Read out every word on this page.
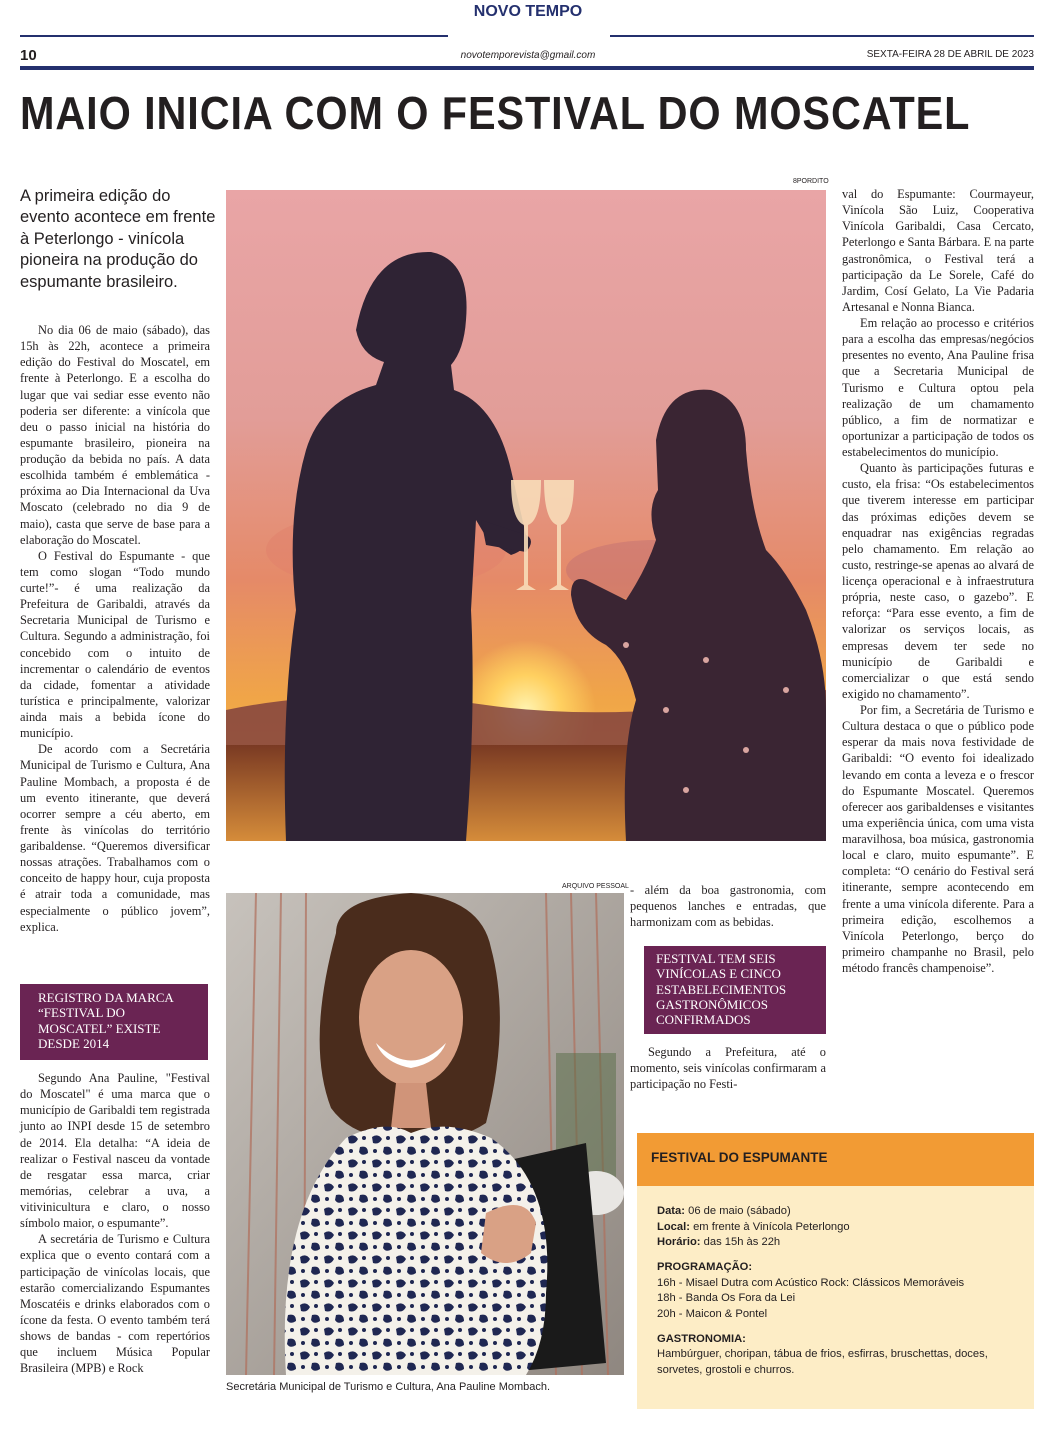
NOVO TEMPO
10	novotemporevista@gmail.com	SEXTA-FEIRA 28 DE ABRIL DE 2023
MAIO INICIA COM O FESTIVAL DO MOSCATEL
A primeira edição do evento acontece em frente à Peterlongo - vinícola pioneira na produção do espumante brasileiro.

No dia 06 de maio (sábado), das 15h às 22h, acontece a primeira edição do Festival do Moscatel, em frente à Peterlongo. E a escolha do lugar que vai sediar esse evento não poderia ser diferente: a vinícola que deu o passo inicial na história do espumante brasileiro, pioneira na produção da bebida no país. A data escolhida também é emblemática - próxima ao Dia Internacional da Uva Moscato (celebrado no dia 9 de maio), casta que serve de base para a elaboração do Moscatel.

O Festival do Espumante - que tem como slogan “Todo mundo curte!”- é uma realização da Prefeitura de Garibaldi, através da Secretaria Municipal de Turismo e Cultura. Segundo a administração, foi concebido com o intuito de incrementar o calendário de eventos da cidade, fomentar a atividade turística e principalmente, valorizar ainda mais a bebida ícone do município.

De acordo com a Secretária Municipal de Turismo e Cultura, Ana Pauline Mombach, a proposta é de um evento itinerante, que deverá ocorrer sempre a céu aberto, em frente às vinícolas do território garibaldense. “Queremos diversificar nossas atrações. Trabalhamos com o conceito de happy hour, cuja proposta é atrair toda a comunidade, mas especialmente o público jovem”, explica.

REGISTRO DA MARCA “FESTIVAL DO MOSCATEL” EXISTE DESDE 2014

Segundo Ana Pauline, "Festival do Moscatel" é uma marca que o município de Garibaldi tem registrada junto ao INPI desde 15 de setembro de 2014. Ela detalha: “A ideia de realizar o Festival nasceu da vontade de resgatar essa marca, criar memórias, celebrar a uva, a vitivinicultura e claro, o nosso símbolo maior, o espumante”.

A secretária de Turismo e Cultura explica que o evento contará com a participação de vinícolas locais, que estarão comercializando Espumantes Moscatéis e drinks elaborados com o ícone da festa. O evento também terá shows de bandas - com repertórios que incluem Música Popular Brasileira (MPB) e Rock

8PORDITO
ARQUIVO PESSOAL
Secretária Municipal de Turismo e Cultura, Ana Pauline Mombach.

- além da boa gastronomia, com pequenos lanches e entradas, que harmonizam com as bebidas.

FESTIVAL TEM SEIS VINÍCOLAS E CINCO ESTABELECIMENTOS GASTRONÔMICOS CONFIRMADOS

Segundo a Prefeitura, até o momento, seis vinícolas confirmaram a participação no Festi-

val do Espumante: Courmayeur, Vinícola São Luiz, Cooperativa Vinícola Garibaldi, Casa Cercato, Peterlongo e Santa Bárbara. E na parte gastronômica, o Festival terá a participação da Le Sorele, Café do Jardim, Cosí Gelato, La Vie Padaria Artesanal e Nonna Bianca.

Em relação ao processo e critérios para a escolha das empresas/negócios presentes no evento, Ana Pauline frisa que a Secretaria Municipal de Turismo e Cultura optou pela realização de um chamamento público, a fim de normatizar e oportunizar a participação de todos os estabelecimentos do município.

Quanto às participações futuras e custo, ela frisa: “Os estabelecimentos que tiverem interesse em participar das próximas edições devem se enquadrar nas exigências regradas pelo chamamento. Em relação ao custo, restringe-se apenas ao alvará de licença operacional e à infraestrutura própria, neste caso, o gazebo”. E reforça: “Para esse evento, a fim de valorizar os serviços locais, as empresas devem ter sede no município de Garibaldi e comercializar o que está sendo exigido no chamamento”.

Por fim, a Secretária de Turismo e Cultura destaca o que o público pode esperar da mais nova festividade de Garibaldi: “O evento foi idealizado levando em conta a leveza e o frescor do Espumante Moscatel. Queremos oferecer aos garibaldenses e visitantes uma experiência única, com uma vista maravilhosa, boa música, gastronomia local e claro, muito espumante”. E completa: “O cenário do Festival será itinerante, sempre acontecendo em frente a uma vinícola diferente. Para a primeira edição, escolhemos a Vinícola Peterlongo, berço do primeiro champanhe no Brasil, pelo método francês champenoise”.

FESTIVAL DO ESPUMANTE
Data: 06 de maio (sábado)
Local: em frente à Vinícola Peterlongo
Horário: das 15h às 22h
PROGRAMAÇÃO:
16h - Misael Dutra com Acústico Rock: Clássicos Memoráveis
18h - Banda Os Fora da Lei
20h - Maicon & Pontel
GASTRONOMIA:
Hambúrguer, choripan, tábua de frios, esfirras, bruschettas, doces, sorvetes, grostoli e churros.
